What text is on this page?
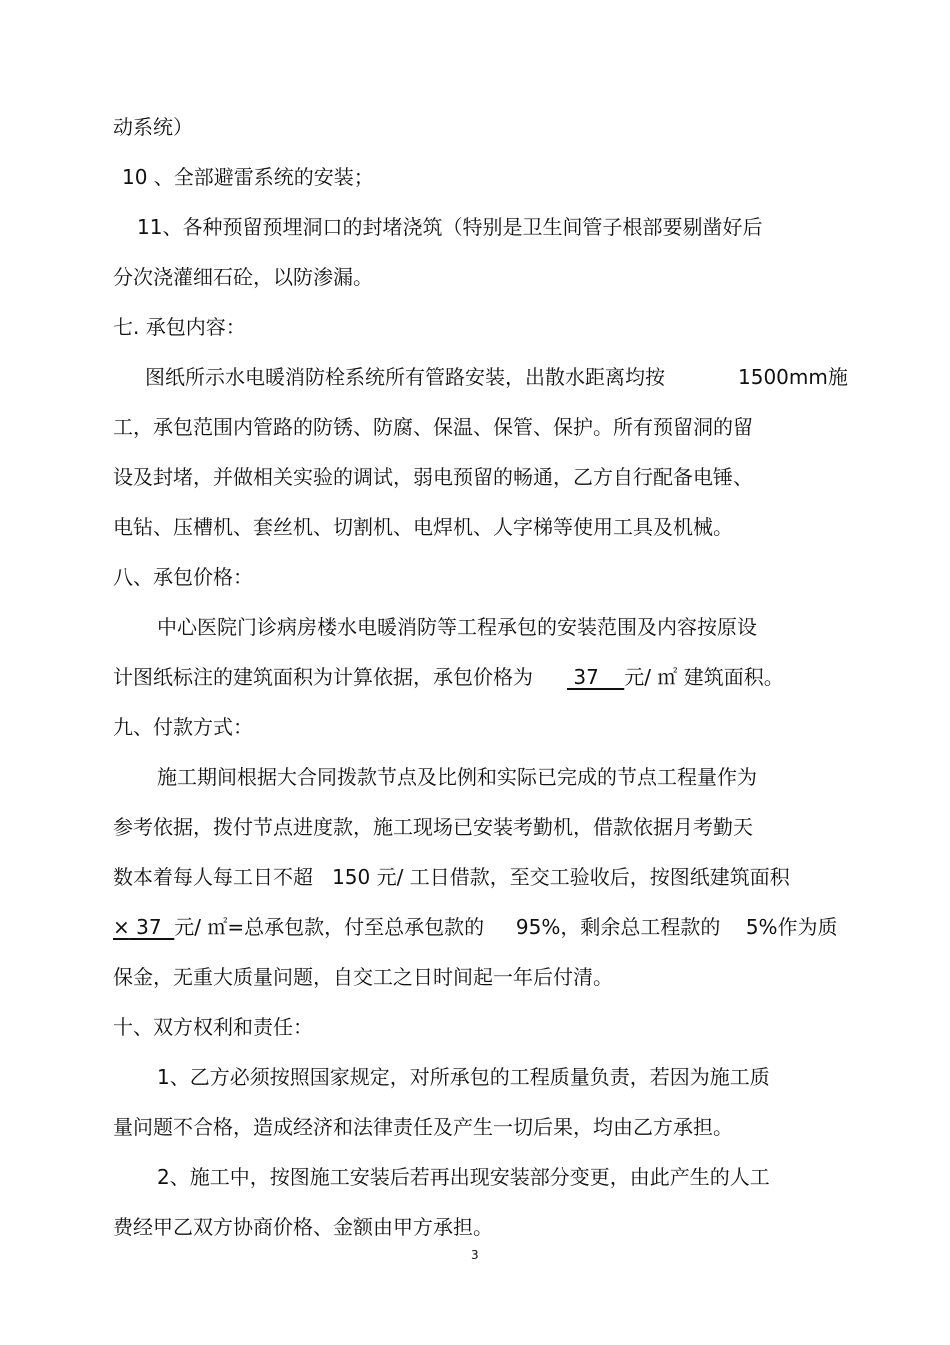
动系统）

10 、全部避雷系统的安装；

11、各种预留预埋洞口的封堵浇筑（特别是卫生间管子根部要剔凿好后

分次浇灌细石砼，以防渗漏。

七. 承包内容：

图纸所示水电暖消防栓系统所有管路安装，出散水距离均按	1500mm施

工，承包范围内管路的防锈、防腐、保温、保管、保护。所有预留洞的留

设及封堵，并做相关实验的调试，弱电预留的畅通，乙方自行配备电锤、

电钻、压槽机、套丝机、切割机、电焊机、人字梯等使用工具及机械。

八、承包价格：

中心医院门诊病房楼水电暖消防等工程承包的安装范围及内容按原设

计图纸标注的建筑面积为计算依据，承包价格为 37    元/ ㎡ 建筑面积。

九、付款方式：

施工期间根据大合同拨款节点及比例和实际已完成的节点工程量作为

参考依据，拨付节点进度款，施工现场已安装考勤机，借款依据月考勤天

数本着每人每工日不超   150 元/ 工日借款，至交工验收后，按图纸建筑面积

× 37  元/ ㎡=总承包款，付至总承包款的     95%，剩余总工程款的    5%作为质

保金，无重大质量问题，自交工之日时间起一年后付清。

十、双方权利和责任：

1、乙方必须按照国家规定，对所承包的工程质量负责，若因为施工质

量问题不合格，造成经济和法律责任及产生一切后果，均由乙方承担。

2、施工中，按图施工安装后若再出现安装部分变更，由此产生的人工

费经甲乙双方协商价格、金额由甲方承担。

3
